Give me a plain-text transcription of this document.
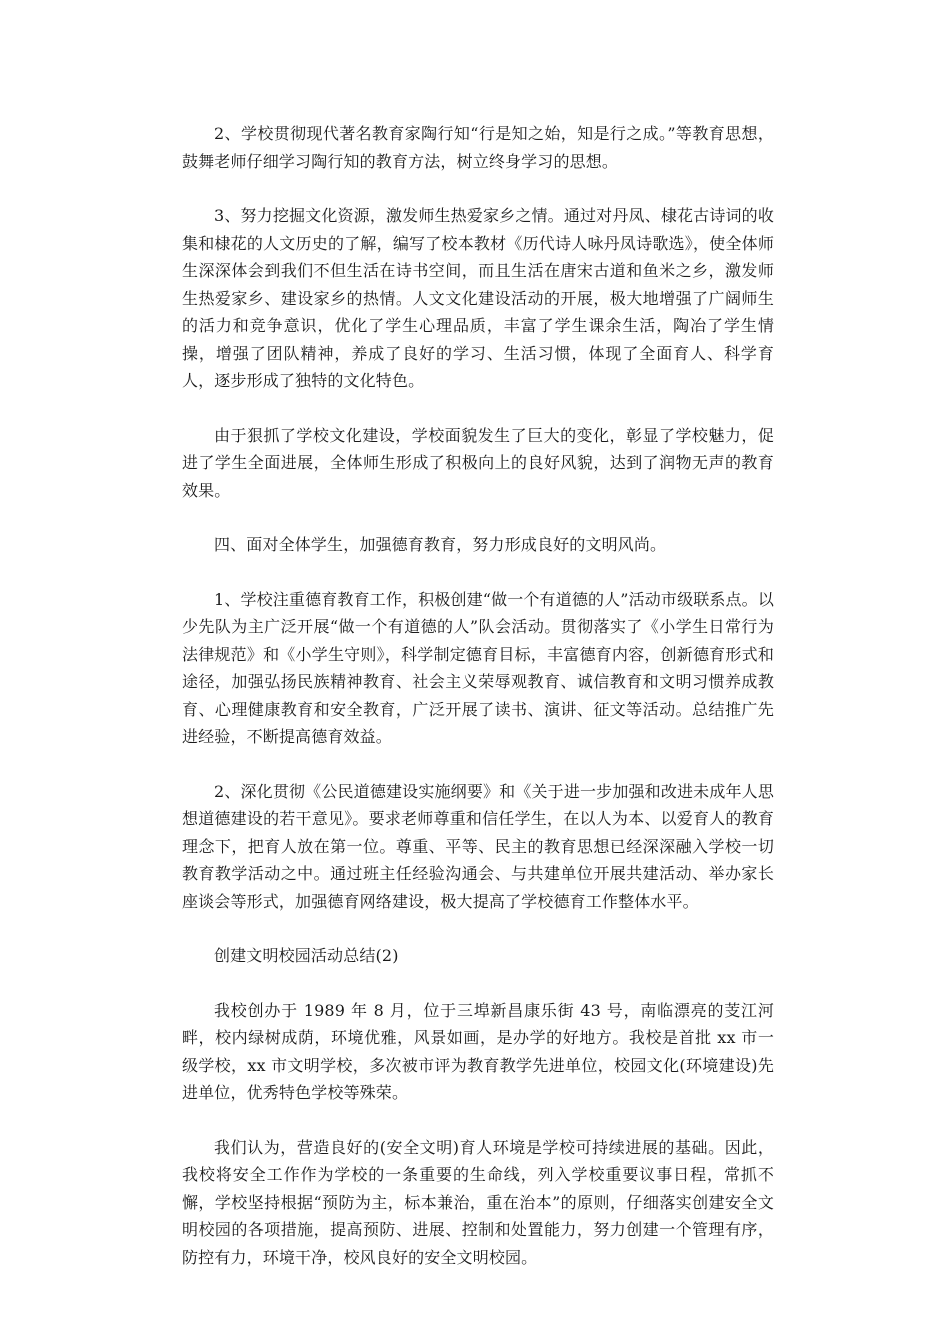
2、学校贯彻现代著名教育家陶行知“行是知之始，知是行之成。”等教育思想，鼓舞老师仔细学习陶行知的教育方法，树立终身学习的思想。

3、努力挖掘文化资源，激发师生热爱家乡之情。通过对丹凤、棣花古诗词的收集和棣花的人文历史的了解，编写了校本教材《历代诗人咏丹凤诗歌选》，使全体师生深深体会到我们不但生活在诗书空间，而且生活在唐宋古道和鱼米之乡，激发师生热爱家乡、建设家乡的热情。人文文化建设活动的开展，极大地增强了广阔师生的活力和竞争意识，优化了学生心理品质，丰富了学生课余生活，陶冶了学生情操，增强了团队精神，养成了良好的学习、生活习惯，体现了全面育人、科学育人，逐步形成了独特的文化特色。

由于狠抓了学校文化建设，学校面貌发生了巨大的变化，彰显了学校魅力，促进了学生全面进展，全体师生形成了积极向上的良好风貌，达到了润物无声的教育效果。

四、面对全体学生，加强德育教育，努力形成良好的文明风尚。

1、学校注重德育教育工作，积极创建“做一个有道德的人”活动市级联系点。以少先队为主广泛开展“做一个有道德的人”队会活动。贯彻落实了《小学生日常行为法律规范》和《小学生守则》，科学制定德育目标，丰富德育内容，创新德育形式和途径，加强弘扬民族精神教育、社会主义荣辱观教育、诚信教育和文明习惯养成教育、心理健康教育和安全教育，广泛开展了读书、演讲、征文等活动。总结推广先进经验，不断提高德育效益。

2、深化贯彻《公民道德建设实施纲要》和《关于进一步加强和改进未成年人思想道德建设的若干意见》。要求老师尊重和信任学生，在以人为本、以爱育人的教育理念下，把育人放在第一位。尊重、平等、民主的教育思想已经深深融入学校一切教育教学活动之中。通过班主任经验沟通会、与共建单位开展共建活动、举办家长座谈会等形式，加强德育网络建设，极大提高了学校德育工作整体水平。

创建文明校园活动总结(2)

我校创办于 1989 年 8 月，位于三埠新昌康乐街 43 号，南临漂亮的芰江河畔，校内绿树成荫，环境优雅，风景如画，是办学的好地方。我校是首批 xx 市一级学校，xx 市文明学校，多次被市评为教育教学先进单位，校园文化(环境建设)先进单位，优秀特色学校等殊荣。

我们认为，营造良好的(安全文明)育人环境是学校可持续进展的基础。因此，我校将安全工作作为学校的一条重要的生命线，列入学校重要议事日程，常抓不懈，学校坚持根据“预防为主，标本兼治，重在治本”的原则，仔细落实创建安全文明校园的各项措施，提高预防、进展、控制和处置能力，努力创建一个管理有序，防控有力，环境干净，校风良好的安全文明校园。
